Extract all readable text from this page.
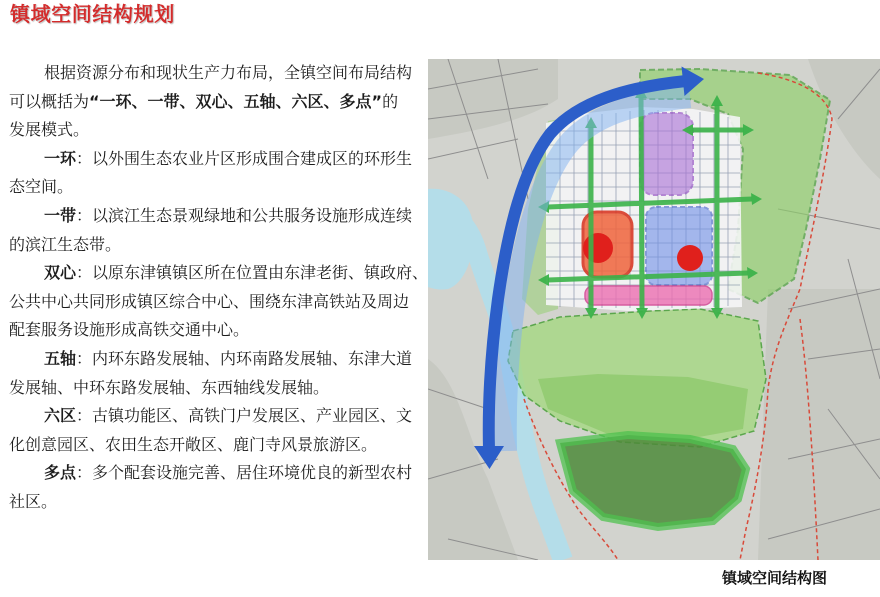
镇域空间结构规划
根据资源分布和现状生产力布局，全镇空间布局结构
可以概括为“一环、一带、双心、五轴、六区、多点”的
发展模式。
一环：以外围生态农业片区形成围合建成区的环形生
态空间。
一带：以滨江生态景观绿地和公共服务设施形成连续
的滨江生态带。
双心：以原东津镇镇区所在位置由东津老街、镇政府、
公共中心共同形成镇区综合中心、围绕东津高铁站及周边
配套服务设施形成高铁交通中心。
五轴：内环东路发展轴、内环南路发展轴、东津大道
发展轴、中环东路发展轴、东西轴线发展轴。
六区：古镇功能区、高铁门户发展区、产业园区、文
化创意园区、农田生态开敞区、鹿门寺风景旅游区。
多点：多个配套设施完善、居住环境优良的新型农村
社区。
镇域空间结构图
